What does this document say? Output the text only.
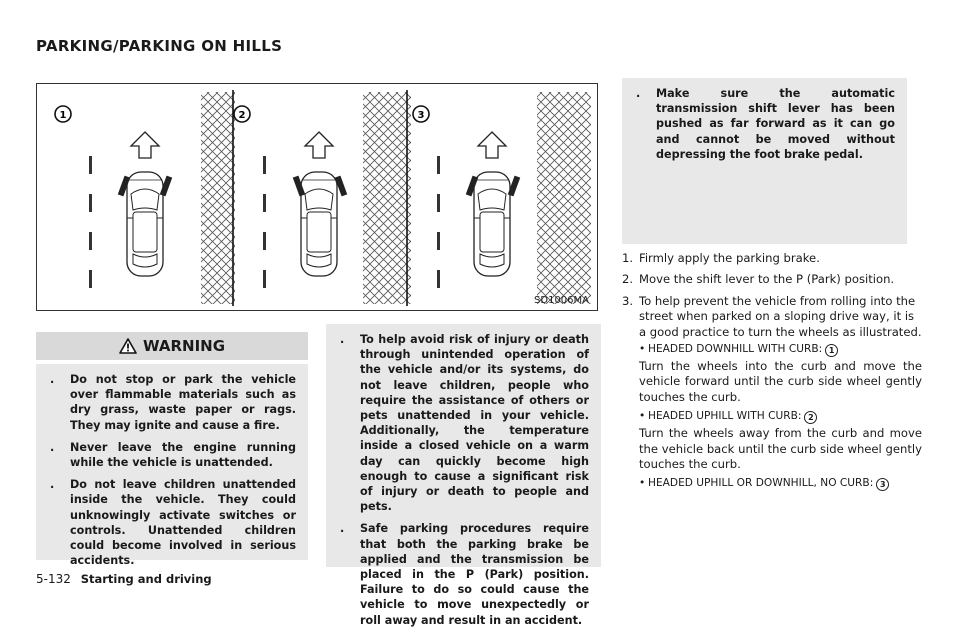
PARKING/PARKING ON HILLS
1	2	3
SD1006MA
WARNING
. Do not stop or park the vehicle over flammable materials such as dry grass, waste paper or rags. They may ignite and cause a fire.
. Never leave the engine running while the vehicle is unattended.
. Do not leave children unattended inside the vehicle. They could unknowingly activate switches or controls. Unattended children could become involved in serious accidents.
. To help avoid risk of injury or death through unintended operation of the vehicle and/or its systems, do not leave children, people who require the assistance of others or pets unattended in your vehicle. Additionally, the temperature inside a closed vehicle on a warm day can quickly become high enough to cause a significant risk of injury or death to people and pets.
. Safe parking procedures require that both the parking brake be applied and the transmission be placed in the P (Park) position. Failure to do so could cause the vehicle to move unexpectedly or roll away and result in an accident.
. Make sure the automatic transmission shift lever has been pushed as far forward as it can go and cannot be moved without depressing the foot brake pedal.
1. Firmly apply the parking brake.
2. Move the shift lever to the P (Park) position.
3. To help prevent the vehicle from rolling into the street when parked on a sloping drive way, it is a good practice to turn the wheels as illustrated.
• HEADED DOWNHILL WITH CURB: 1
Turn the wheels into the curb and move the vehicle forward until the curb side wheel gently touches the curb.
• HEADED UPHILL WITH CURB: 2
Turn the wheels away from the curb and move the vehicle back until the curb side wheel gently touches the curb.
• HEADED UPHILL OR DOWNHILL, NO CURB: 3
5-132 Starting and driving
